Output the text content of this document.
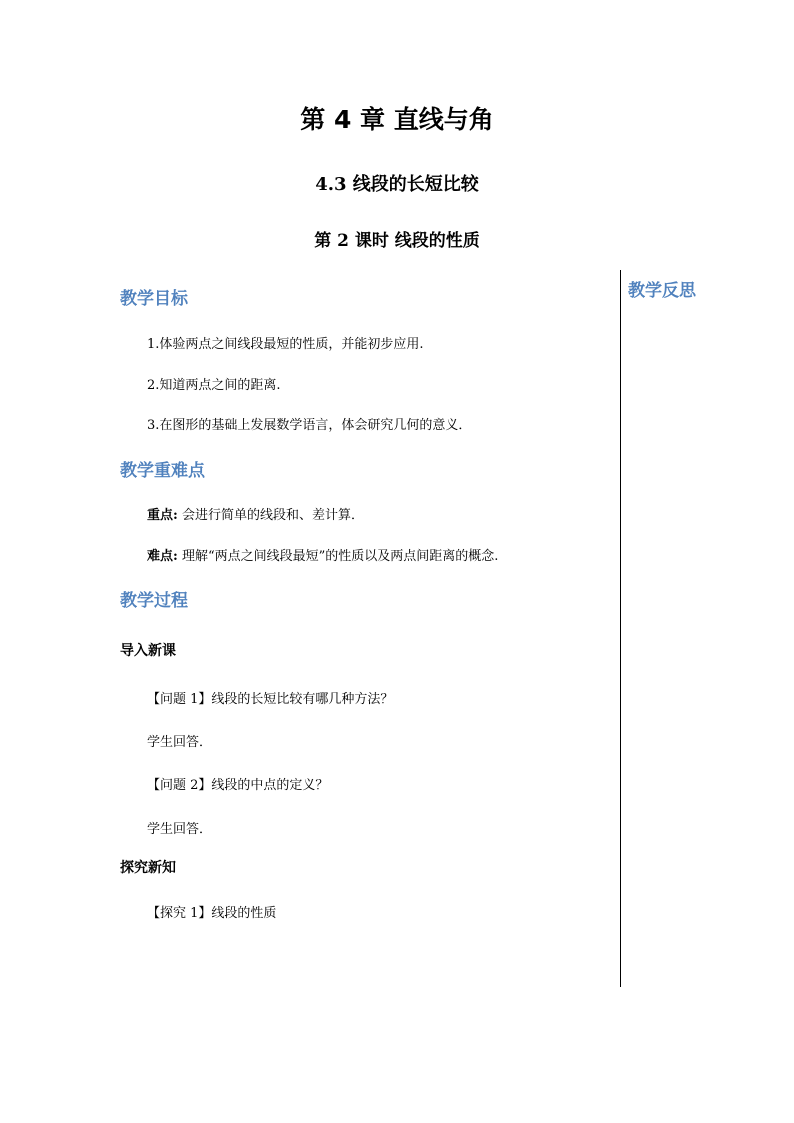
第 4 章 直线与角
4.3 线段的长短比较
第 2 课时 线段的性质
教学反思
教学目标
1.体验两点之间线段最短的性质，并能初步应用.
2.知道两点之间的距离.
3.在图形的基础上发展数学语言，体会研究几何的意义．
教学重难点
重点: 会进行简单的线段和、差计算．
难点: 理解“两点之间线段最短”的性质以及两点间距离的概念.
教学过程
导入新课
【问题 1】线段的长短比较有哪几种方法？
学生回答．
【问题 2】线段的中点的定义？
学生回答．
探究新知
【探究 1】线段的性质
